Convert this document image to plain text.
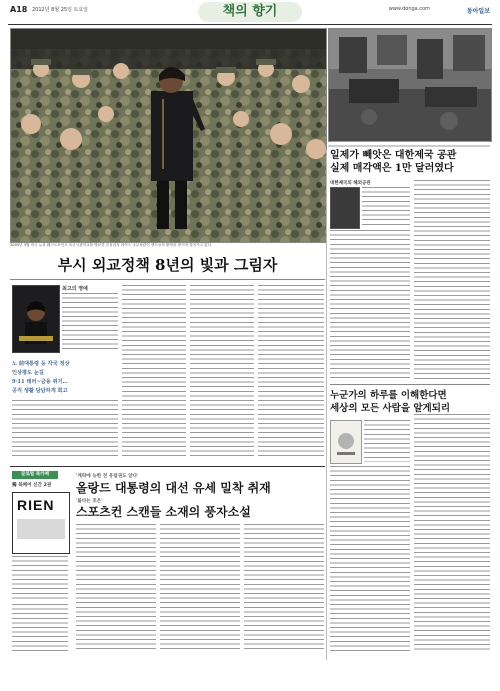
A18 2012년 8월 25일 토요일	책의 향기	www.donga.com	동아일보
일제가 빼앗은 대한제국 공관
실제 매각액은 1만 달러였다
2005년 3월 미국 뉴욕 웨스트포인트 육군사관학교를 방문한 콘돌리자 라이스 국무장관이 생도들의 환영을 받으며 걸어가고 있다.
부시 외교정책 8년의 빛과 그림자
최고의 영예
노 前대통령 등 각국 정상
인상평도 눈길
9·11 테러~금융 위기…
공직 생활 담담하게 회고
대한제국의 해외공관
누군가의 하루를 이해한다면
세상의 모든 사람을 알게되리
글로벌 북카페
獨 북페어 신간 2권
RIEN
'계략에 능한 전 유럽권도 알다'
올랑드 대통령의 대선 유세 밀착 취재
'불타는 호은'
스포츠컨 스캔들 소재의 풍자소설
